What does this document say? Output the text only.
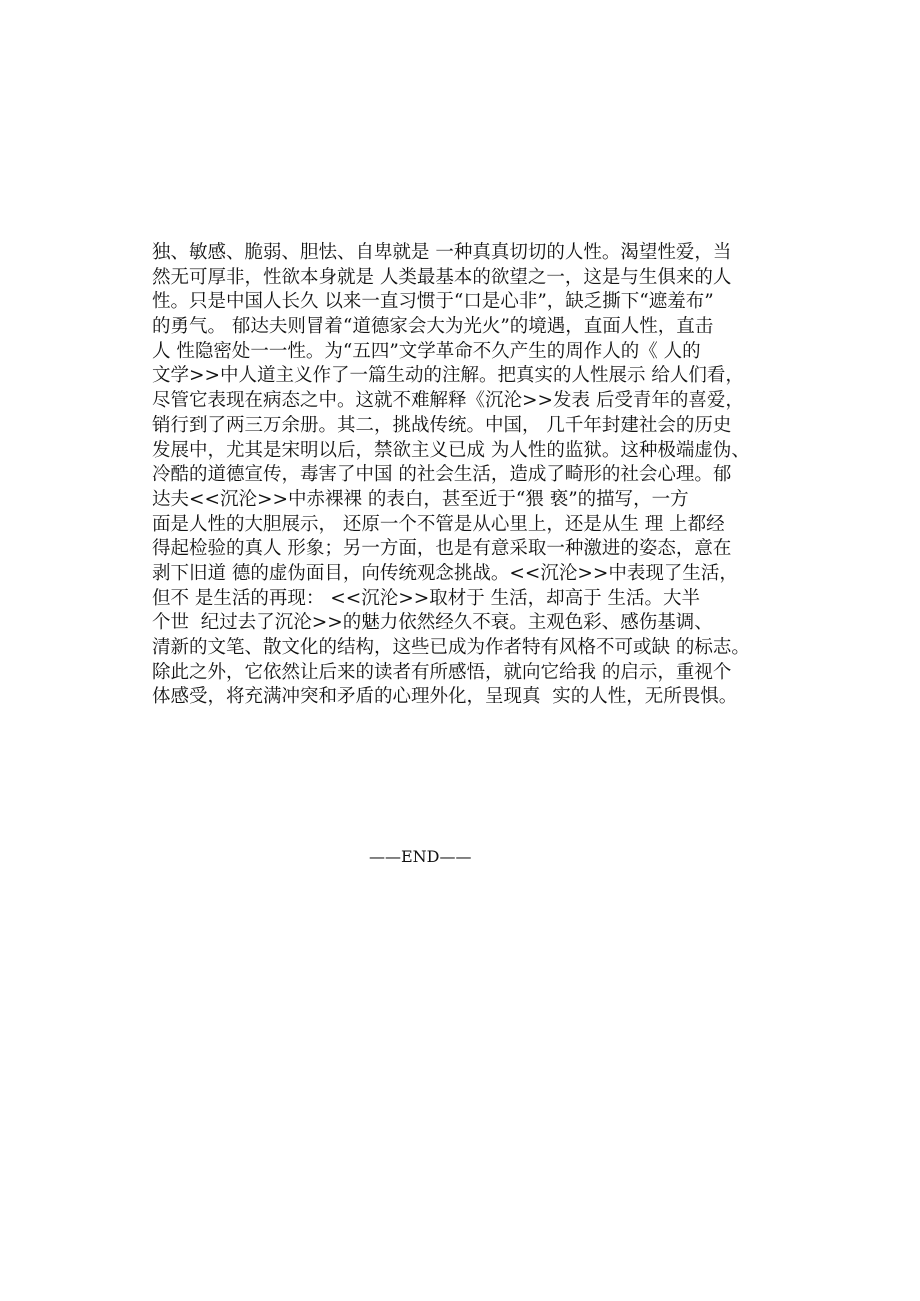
独、敏感、脆弱、胆怯、自卑就是 一种真真切切的人性。渴望性爱，当
然无可厚非，性欲本身就是 人类最基本的欲望之一，这是与生俱来的人
性。只是中国人长久 以来一直习惯于“口是心非”，缺乏撕下“遮羞布”
的勇气。 郁达夫则冒着“道德家会大为光火”的境遇，直面人性，直击
人 性隐密处一一性。为“五四”文学革命不久产生的周作人的《 人的
文学>>中人道主义作了一篇生动的注解。把真实的人性展示 给人们看，
尽管它表现在病态之中。这就不难解释《沉沦>>发表 后受青年的喜爱，
销行到了两三万余册。其二，挑战传统。中国， 几千年封建社会的历史
发展中，尤其是宋明以后，禁欲主义已成 为人性的监狱。这种极端虚伪、
冷酷的道德宣传，毒害了中国 的社会生活，造成了畸形的社会心理。郁
达夫<<沉沦>>中赤裸裸 的表白，甚至近于“猥 亵”的描写，一方
面是人性的大胆展示， 还原一个不管是从心里上，还是从生 理 上都经
得起检验的真人 形象；另一方面，也是有意采取一种激进的姿态，意在
剥下旧道 德的虚伪面目，向传统观念挑战。<<沉沦>>中表现了生活，
但不 是生活的再现： <<沉沦>>取材于 生活，却高于 生活。大半
个世  纪过去了沉沦>>的魅力依然经久不衰。主观色彩、感伤基调、
清新的文笔、散文化的结构，这些已成为作者特有风格不可或缺 的标志。
除此之外，它依然让后来的读者有所感悟，就向它给我 的启示，重视个
体感受，将充满冲突和矛盾的心理外化，呈现真  实的人性，无所畏惧。
——END——
